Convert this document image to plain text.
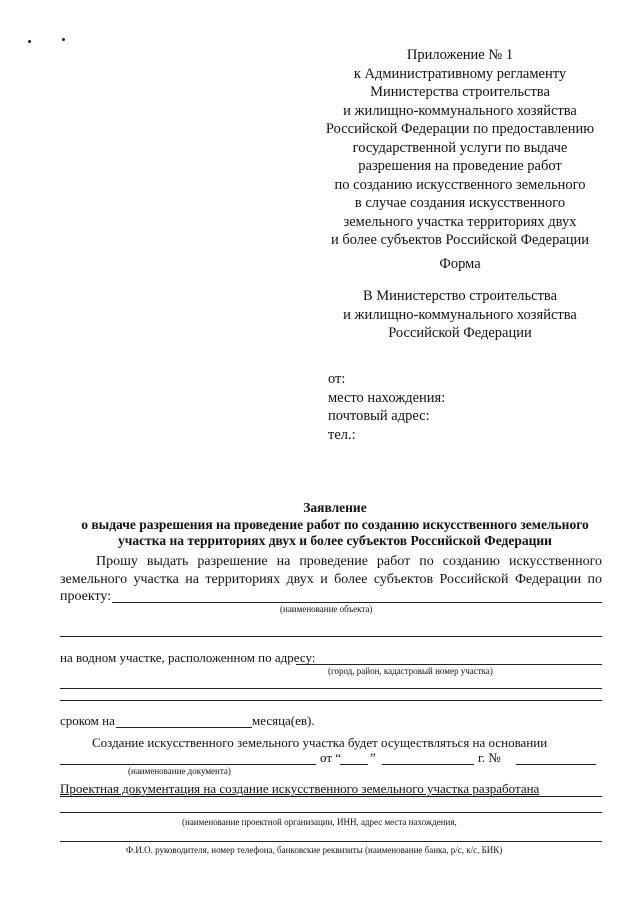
Приложение № 1
к Административному регламенту
Министерства строительства
и жилищно-коммунального хозяйства
Российской Федерации по предоставлению
государственной услуги по выдаче
разрешения на проведение работ
по созданию искусственного земельного
в случае создания искусственного
земельного участка территориях двух
и более субъектов Российской Федерации
Форма
В Министерство строительства
и жилищно-коммунального хозяйства
Российской Федерации
от:
место нахождения:
почтовый адрес:
тел.:
Заявление
о выдаче разрешения на проведение работ по созданию искусственного земельного
участка на территориях двух и более субъектов Российской Федерации
Прошу выдать разрешение на проведение работ по созданию искусственного
земельного участка на территориях двух и более субъектов Российской Федерации по
проекту:
(наименование объекта)
на водном участке, расположенном по адресу:
(город, район, кадастровый номер участка)
сроком на	месяца(ев).
Создание искусственного земельного участка будет осуществляться на основании
от “ ”	г. №
(наименование документа)
Проектная документация на создание искусственного земельного участка разработана
(наименование проектной организации, ИНН, адрес места нахождения,
Ф.И.О. руководителя, номер телефона, банковские реквизиты (наименование банка, р/с, к/с, БИК)
